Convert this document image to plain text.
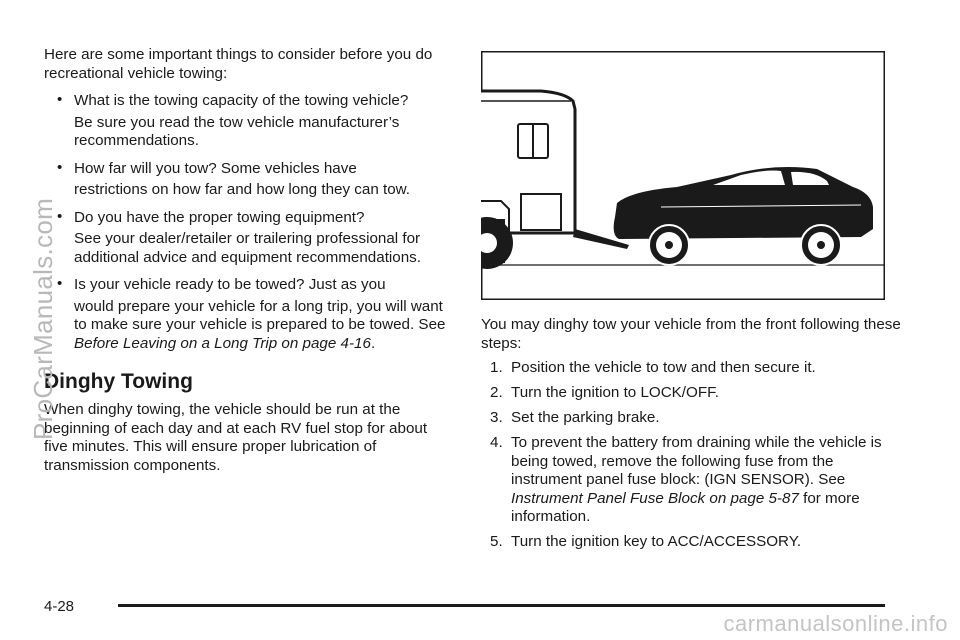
Here are some important things to consider before you do recreational vehicle towing:

• What is the towing capacity of the towing vehicle?
Be sure you read the tow vehicle manufacturer’s recommendations.
• How far will you tow? Some vehicles have
restrictions on how far and how long they can tow.
• Do you have the proper towing equipment?
See your dealer/retailer or trailering professional for additional advice and equipment recommendations.
• Is your vehicle ready to be towed? Just as you
would prepare your vehicle for a long trip, you will want to make sure your vehicle is prepared to be towed. See Before Leaving on a Long Trip on page 4-16.
Dinghy Towing

When dinghy towing, the vehicle should be run at the beginning of each day and at each RV fuel stop for about five minutes. This will ensure proper lubrication of transmission components.

You may dinghy tow your vehicle from the front following these steps:

1. Position the vehicle to tow and then secure it.
2. Turn the ignition to LOCK/OFF.
3. Set the parking brake.
4. To prevent the battery from draining while the vehicle is being towed, remove the following fuse from the instrument panel fuse block: (IGN SENSOR). See Instrument Panel Fuse Block on page 5-87 for more information.
5. Turn the ignition key to ACC/ACCESSORY.
ProCarManuals.com
4-28
carmanualsonline.info
